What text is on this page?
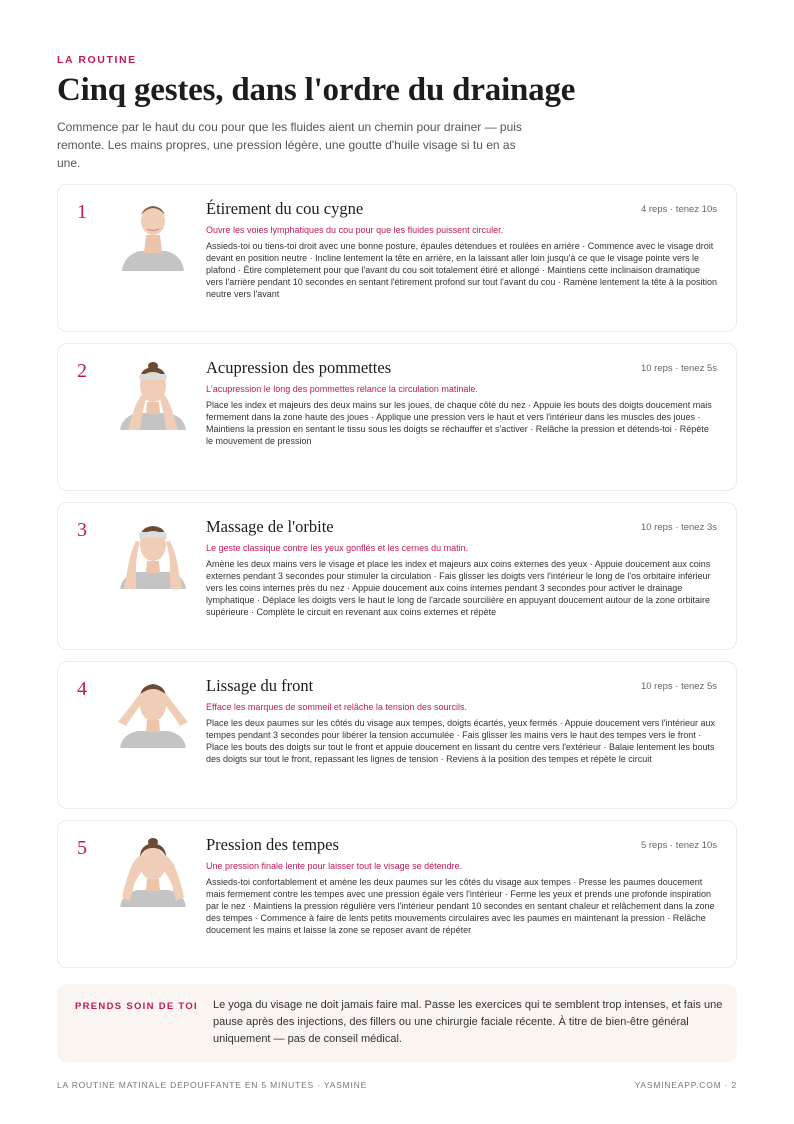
LA ROUTINE
Cinq gestes, dans l'ordre du drainage

Commence par le haut du cou pour que les fluides aient un chemin pour drainer — puis remonte. Les mains propres, une pression légère, une goutte d'huile visage si tu en as une.

1	Étirement du cou cygne	4 reps · tenez 10s
Ouvre les voies lymphatiques du cou pour que les fluides puissent circuler.

Assieds-toi ou tiens-toi droit avec une bonne posture, épaules détendues et roulées en arrière · Commence avec le visage droit devant en position neutre · Incline lentement la tête en arrière, en la laissant aller loin jusqu'à ce que le visage pointe vers le plafond · Étire complètement pour que l'avant du cou soit totalement étiré et allongé · Maintiens cette inclinaison dramatique vers l'arrière pendant 10 secondes en sentant l'étirement profond sur tout l'avant du cou · Ramène lentement la tête à la position neutre vers l'avant

2	Acupression des pommettes	10 reps · tenez 5s
L'acupression le long des pommettes relance la circulation matinale.

Place les index et majeurs des deux mains sur les joues, de chaque côté du nez · Appuie les bouts des doigts doucement mais fermement dans la zone haute des joues · Applique une pression vers le haut et vers l'intérieur dans les muscles des joues · Maintiens la pression en sentant le tissu sous les doigts se réchauffer et s'activer · Relâche la pression et détends-toi · Répète le mouvement de pression

3	Massage de l'orbite	10 reps · tenez 3s
Le geste classique contre les yeux gonflés et les cernes du matin.

Amène les deux mains vers le visage et place les index et majeurs aux coins externes des yeux · Appuie doucement aux coins externes pendant 3 secondes pour stimuler la circulation · Fais glisser les doigts vers l'intérieur le long de l'os orbitaire inférieur vers les coins internes près du nez · Appuie doucement aux coins internes pendant 3 secondes pour activer le drainage lymphatique · Déplace les doigts vers le haut le long de l'arcade sourcilière en appuyant doucement autour de la zone orbitaire supérieure · Complète le circuit en revenant aux coins externes et répète

4	Lissage du front	10 reps · tenez 5s
Efface les marques de sommeil et relâche la tension des sourcils.

Place les deux paumes sur les côtés du visage aux tempes, doigts écartés, yeux fermés · Appuie doucement vers l'intérieur aux tempes pendant 3 secondes pour libérer la tension accumulée · Fais glisser les mains vers le haut des tempes vers le front · Place les bouts des doigts sur tout le front et appuie doucement en lissant du centre vers l'extérieur · Balaie lentement les bouts des doigts sur tout le front, repassant les lignes de tension · Reviens à la position des tempes et répète le circuit

5	Pression des tempes	5 reps · tenez 10s
Une pression finale lente pour laisser tout le visage se détendre.

Assieds-toi confortablement et amène les deux paumes sur les côtés du visage aux tempes · Presse les paumes doucement mais fermement contre les tempes avec une pression égale vers l'intérieur · Ferme les yeux et prends une profonde inspiration par le nez · Maintiens la pression régulière vers l'intérieur pendant 10 secondes en sentant chaleur et relâchement dans la zone des tempes · Commence à faire de lents petits mouvements circulaires avec les paumes en maintenant la pression · Relâche doucement les mains et laisse la zone se reposer avant de répéter

PRENDS SOIN DE TOI Le yoga du visage ne doit jamais faire mal. Passe les exercices qui te semblent trop intenses, et fais une pause après des injections, des fillers ou une chirurgie faciale récente. À titre de bien-être général uniquement — pas de conseil médical.

LA ROUTINE MATINALE DÉPOUFFANTE EN 5 MINUTES · YASMINE	YASMINEAPP.COM · 2
